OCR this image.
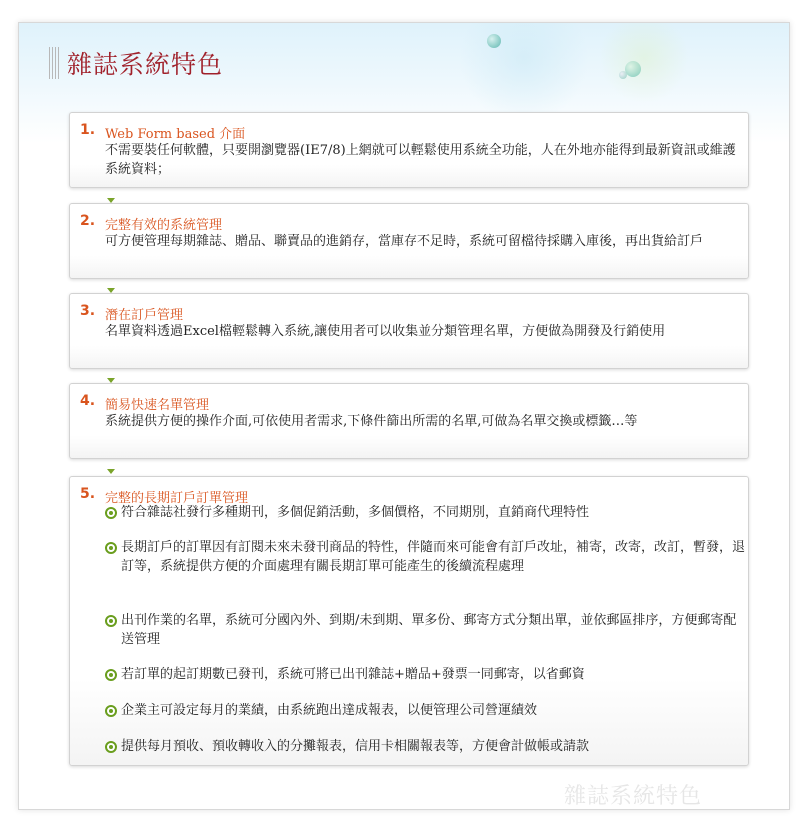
雜誌系統特色
1. Web Form based 介面
不需要裝任何軟體，只要開瀏覽器(IE7/8)上網就可以輕鬆使用系統全功能，人在外地亦能得到最新資訊或維護系統資料；
2. 完整有效的系統管理
可方便管理每期雜誌、贈品、聯賣品的進銷存，當庫存不足時，系統可留檔待採購入庫後，再出貨給訂戶
3. 潛在訂戶管理
名單資料透過Excel檔輕鬆轉入系統,讓使用者可以收集並分類管理名單，方便做為開發及行銷使用
4. 簡易快速名單管理
系統提供方便的操作介面,可依使用者需求,下條件篩出所需的名單,可做為名單交換或標籤…等
5. 完整的長期訂戶訂單管理
符合雜誌社發行多種期刊，多個促銷活動，多個價格，不同期別，直銷商代理特性
長期訂戶的訂單因有訂閱未來未發刊商品的特性，伴隨而來可能會有訂戶改址，補寄，改寄，改訂，暫發，退訂等，系統提供方便的介面處理有關長期訂單可能產生的後續流程處理
出刊作業的名單，系統可分國內外、到期/未到期、單多份、郵寄方式分類出單，並依郵區排序，方便郵寄配送管理
若訂單的起訂期數已發刊，系統可將已出刊雜誌+贈品+發票一同郵寄，以省郵資
企業主可設定每月的業績，由系統跑出達成報表，以便管理公司營運績效
提供每月預收、預收轉收入的分攤報表，信用卡相關報表等，方便會計做帳或請款
雜誌系統特色
